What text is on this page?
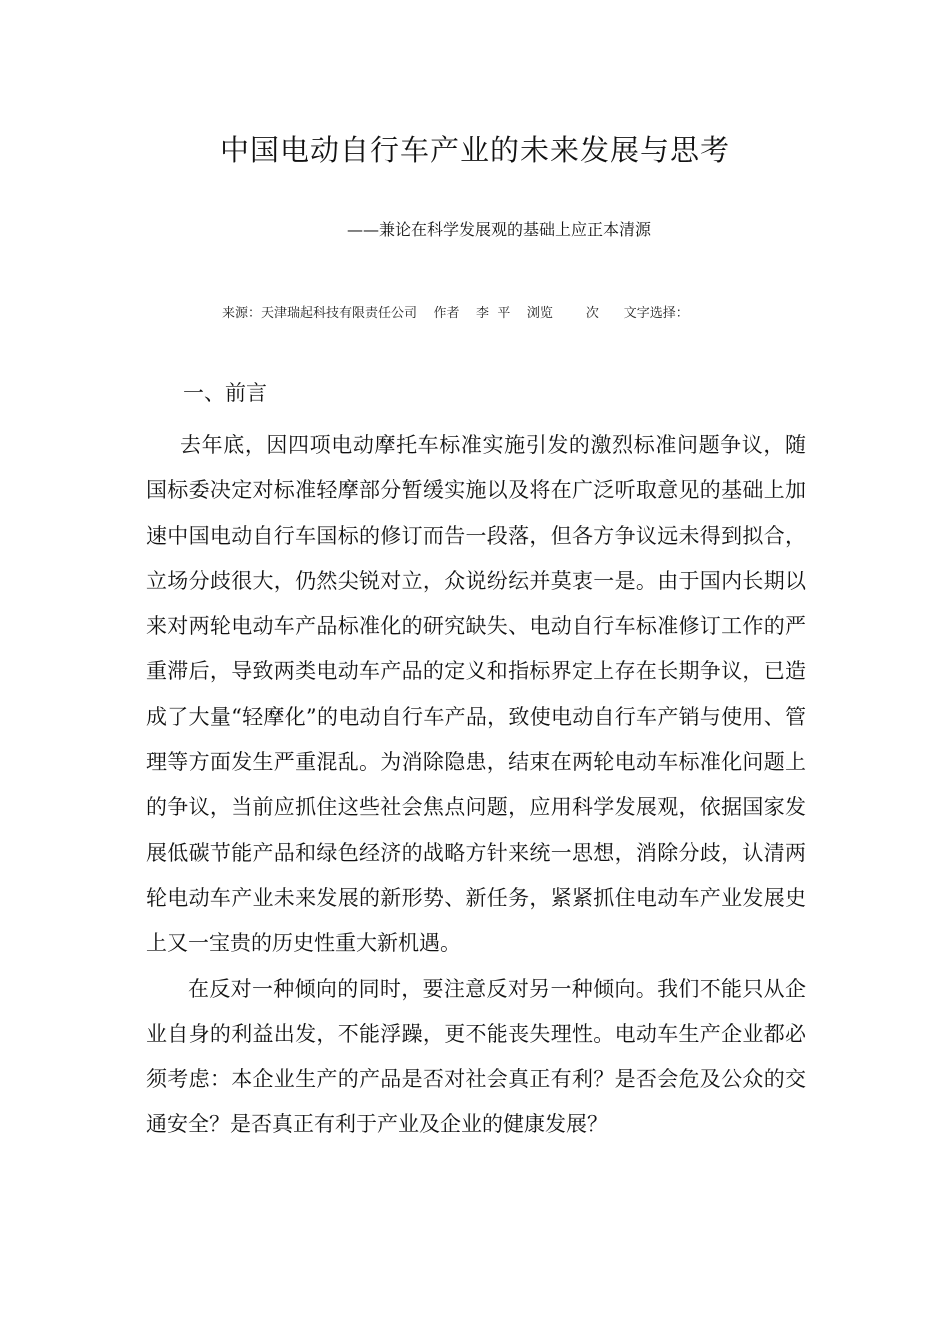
中国电动自行车产业的未来发展与思考
——兼论在科学发展观的基础上应正本清源
来源：天津瑞起科技有限责任公司    作者    李  平    浏览        次      文字选择：
一、前言

去年底，因四项电动摩托车标准实施引发的激烈标准问题争议，随国标委决定对标准轻摩部分暂缓实施以及将在广泛听取意见的基础上加速中国电动自行车国标的修订而告一段落，但各方争议远未得到拟合，立场分歧很大，仍然尖锐对立，众说纷纭并莫衷一是。由于国内长期以来对两轮电动车产品标准化的研究缺失、电动自行车标准修订工作的严重滞后，导致两类电动车产品的定义和指标界定上存在长期争议，已造成了大量“轻摩化”的电动自行车产品，致使电动自行车产销与使用、管理等方面发生严重混乱。为消除隐患，结束在两轮电动车标准化问题上的争议，当前应抓住这些社会焦点问题，应用科学发展观，依据国家发展低碳节能产品和绿色经济的战略方针来统一思想，消除分歧，认清两轮电动车产业未来发展的新形势、新任务，紧紧抓住电动车产业发展史上又一宝贵的历史性重大新机遇。

在反对一种倾向的同时，要注意反对另一种倾向。我们不能只从企业自身的利益出发，不能浮躁，更不能丧失理性。电动车生产企业都必须考虑：本企业生产的产品是否对社会真正有利？是否会危及公众的交通安全？是否真正有利于产业及企业的健康发展？
